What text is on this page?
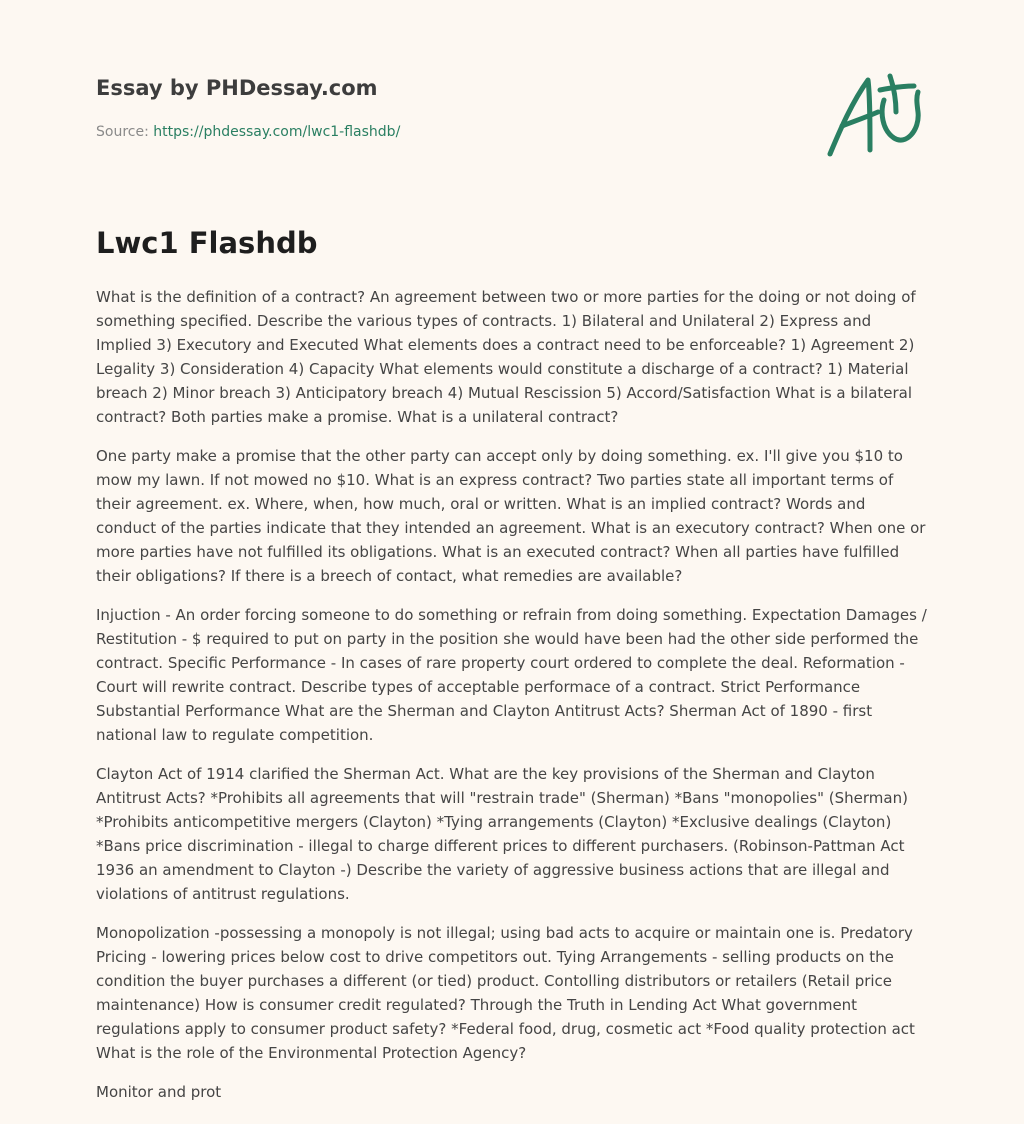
Essay by PHDessay.com
Source: https://phdessay.com/lwc1-flashdb/
Lwc1 Flashdb

What is the definition of a contract? An agreement between two or more parties for the doing or not doing of something specified. Describe the various types of contracts. 1) Bilateral and Unilateral 2) Express and Implied 3) Executory and Executed What elements does a contract need to be enforceable? 1) Agreement 2) Legality 3) Consideration 4) Capacity What elements would constitute a discharge of a contract? 1) Material breach 2) Minor breach 3) Anticipatory breach 4) Mutual Rescission 5) Accord/Satisfaction What is a bilateral contract? Both parties make a promise. What is a unilateral contract?

One party make a promise that the other party can accept only by doing something. ex. I'll give you $10 to mow my lawn. If not mowed no $10. What is an express contract? Two parties state all important terms of their agreement. ex. Where, when, how much, oral or written. What is an implied contract? Words and conduct of the parties indicate that they intended an agreement. What is an executory contract? When one or more parties have not fulfilled its obligations. What is an executed contract? When all parties have fulfilled their obligations? If there is a breech of contact, what remedies are available?

Injuction - An order forcing someone to do something or refrain from doing something. Expectation Damages / Restitution - $ required to put on party in the position she would have been had the other side performed the contract. Specific Performance - In cases of rare property court ordered to complete the deal. Reformation - Court will rewrite contract. Describe types of acceptable performace of a contract. Strict Performance Substantial Performance What are the Sherman and Clayton Antitrust Acts? Sherman Act of 1890 - first national law to regulate competition.

Clayton Act of 1914 clarified the Sherman Act. What are the key provisions of the Sherman and Clayton Antitrust Acts? *Prohibits all agreements that will "restrain trade" (Sherman) *Bans "monopolies" (Sherman) *Prohibits anticompetitive mergers (Clayton) *Tying arrangements (Clayton) *Exclusive dealings (Clayton) *Bans price discrimination - illegal to charge different prices to different purchasers. (Robinson-Pattman Act 1936 an amendment to Clayton -) Describe the variety of aggressive business actions that are illegal and violations of antitrust regulations.

Monopolization -possessing a monopoly is not illegal; using bad acts to acquire or maintain one is. Predatory Pricing - lowering prices below cost to drive competitors out. Tying Arrangements - selling products on the condition the buyer purchases a different (or tied) product. Contolling distributors or retailers (Retail price maintenance) How is consumer credit regulated? Through the Truth in Lending Act What government regulations apply to consumer product safety? *Federal food, drug, cosmetic act *Food quality protection act What is the role of the Environmental Protection Agency?

Monitor and prot
